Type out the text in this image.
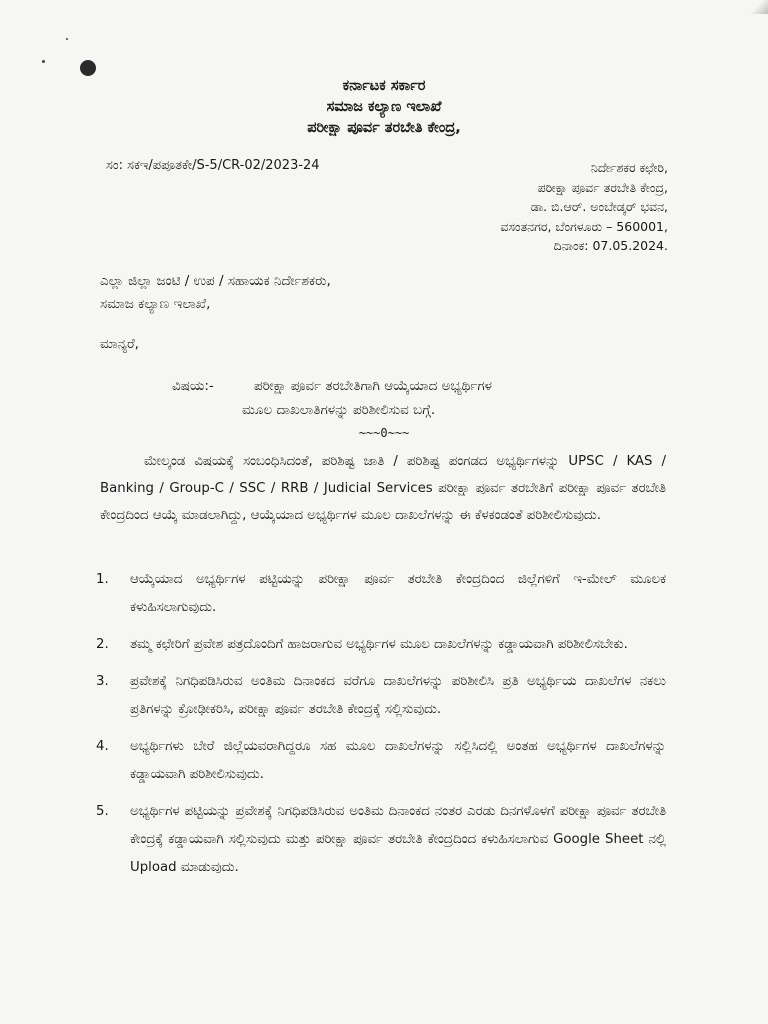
ಕರ್ನಾಟಕ ಸರ್ಕಾರ
ಸಮಾಜ ಕಲ್ಯಾಣ ಇಲಾಖೆ
ಪರೀಕ್ಷಾ ಪೂರ್ವ ತರಬೇತಿ ಕೇಂದ್ರ,
ಸಂ: ಸಕಇ/ಪಪೂತಕೇ/S-5/CR-02/2023-24	ನಿರ್ದೇಶಕರ ಕಛೇರಿ,
ಪರೀಕ್ಷಾ ಪೂರ್ವ ತರಬೇತಿ ಕೇಂದ್ರ,
ಡಾ. ಬಿ.ಆರ್. ಅಂಬೇಡ್ಕರ್ ಭವನ,
ವಸಂತನಗರ, ಬೆಂಗಳೂರು – 560001,
ದಿನಾಂಕ: 07.05.2024.
ಎಲ್ಲಾ ಜಿಲ್ಲಾ ಜಂಟಿ / ಉಪ / ಸಹಾಯಕ ನಿರ್ದೇಶಕರು,
ಸಮಾಜ ಕಲ್ಯಾಣ ಇಲಾಖೆ,
ಮಾನ್ಯರೆ,
ವಿಷಯ:-	ಪರೀಕ್ಷಾ ಪೂರ್ವ ತರಬೇತಿಗಾಗಿ ಆಯ್ಕೆಯಾದ ಅಭ್ಯರ್ಥಿಗಳ
ಮೂಲ ದಾಖಲಾತಿಗಳನ್ನು ಪರಿಶೀಲಿಸುವ ಬಗ್ಗೆ.
~~~0~~~

ಮೇಲ್ಕಂಡ ವಿಷಯಕ್ಕೆ ಸಂಬಂಧಿಸಿದಂತೆ, ಪರಿಶಿಷ್ಟ ಜಾತಿ / ಪರಿಶಿಷ್ಟ ಪಂಗಡದ ಅಭ್ಯರ್ಥಿಗಳನ್ನು UPSC / KAS / Banking / Group-C / SSC / RRB / Judicial Services ಪರೀಕ್ಷಾ ಪೂರ್ವ ತರಬೇತಿಗೆ ಪರೀಕ್ಷಾ ಪೂರ್ವ ತರಬೇತಿ ಕೇಂದ್ರದಿಂದ ಆಯ್ಕೆ ಮಾಡಲಾಗಿದ್ದು, ಆಯ್ಕೆಯಾದ ಅಭ್ಯರ್ಥಿಗಳ ಮೂಲ ದಾಖಲೆಗಳನ್ನು ಈ ಕೆಳಕಂಡಂತೆ ಪರಿಶೀಲಿಸುವುದು.

1.	ಆಯ್ಕೆಯಾದ ಅಭ್ಯರ್ಥಿಗಳ ಪಟ್ಟಿಯನ್ನು ಪರೀಕ್ಷಾ ಪೂರ್ವ ತರಬೇತಿ ಕೇಂದ್ರದಿಂದ ಜಿಲ್ಲೆಗಳಿಗೆ ಇ-ಮೇಲ್ ಮೂಲಕ ಕಳುಹಿಸಲಾಗುವುದು.
2.	ತಮ್ಮ ಕಛೇರಿಗೆ ಪ್ರವೇಶ ಪತ್ರದೊಂದಿಗೆ ಹಾಜರಾಗುವ ಅಭ್ಯರ್ಥಿಗಳ ಮೂಲ ದಾಖಲೆಗಳನ್ನು ಕಡ್ಡಾಯವಾಗಿ ಪರಿಶೀಲಿಸಬೇಕು.
3.	ಪ್ರವೇಶಕ್ಕೆ ನಿಗಧಿಪಡಿಸಿರುವ ಅಂತಿಮ ದಿನಾಂಕದ ವರೆಗೂ ದಾಖಲೆಗಳನ್ನು ಪರಿಶೀಲಿಸಿ ಪ್ರತಿ ಅಭ್ಯರ್ಥಿಯ ದಾಖಲೆಗಳ ನಕಲು ಪ್ರತಿಗಳನ್ನು ಕ್ರೋಢೀಕರಿಸಿ, ಪರೀಕ್ಷಾ ಪೂರ್ವ ತರಬೇತಿ ಕೇಂದ್ರಕ್ಕೆ ಸಲ್ಲಿಸುವುದು.
4.	ಅಭ್ಯರ್ಥಿಗಳು ಬೇರೆ ಜಿಲ್ಲೆಯವರಾಗಿದ್ದರೂ ಸಹ ಮೂಲ ದಾಖಲೆಗಳನ್ನು ಸಲ್ಲಿಸಿದಲ್ಲಿ ಅಂತಹ ಅಭ್ಯರ್ಥಿಗಳ ದಾಖಲೆಗಳನ್ನು ಕಡ್ಡಾಯವಾಗಿ ಪರಿಶೀಲಿಸುವುದು.
5.	ಅಭ್ಯರ್ಥಿಗಳ ಪಟ್ಟಿಯನ್ನು ಪ್ರವೇಶಕ್ಕೆ ನಿಗಧಿಪಡಿಸಿರುವ ಅಂತಿಮ ದಿನಾಂಕದ ನಂತರ ಎರಡು ದಿನಗಳೊಳಗೆ ಪರೀಕ್ಷಾ ಪೂರ್ವ ತರಬೇತಿ ಕೇಂದ್ರಕ್ಕೆ ಕಡ್ಡಾಯವಾಗಿ ಸಲ್ಲಿಸುವುದು ಮತ್ತು ಪರೀಕ್ಷಾ ಪೂರ್ವ ತರಬೇತಿ ಕೇಂದ್ರದಿಂದ ಕಳುಹಿಸಲಾಗುವ Google Sheet ನಲ್ಲಿ Upload ಮಾಡುವುದು.
